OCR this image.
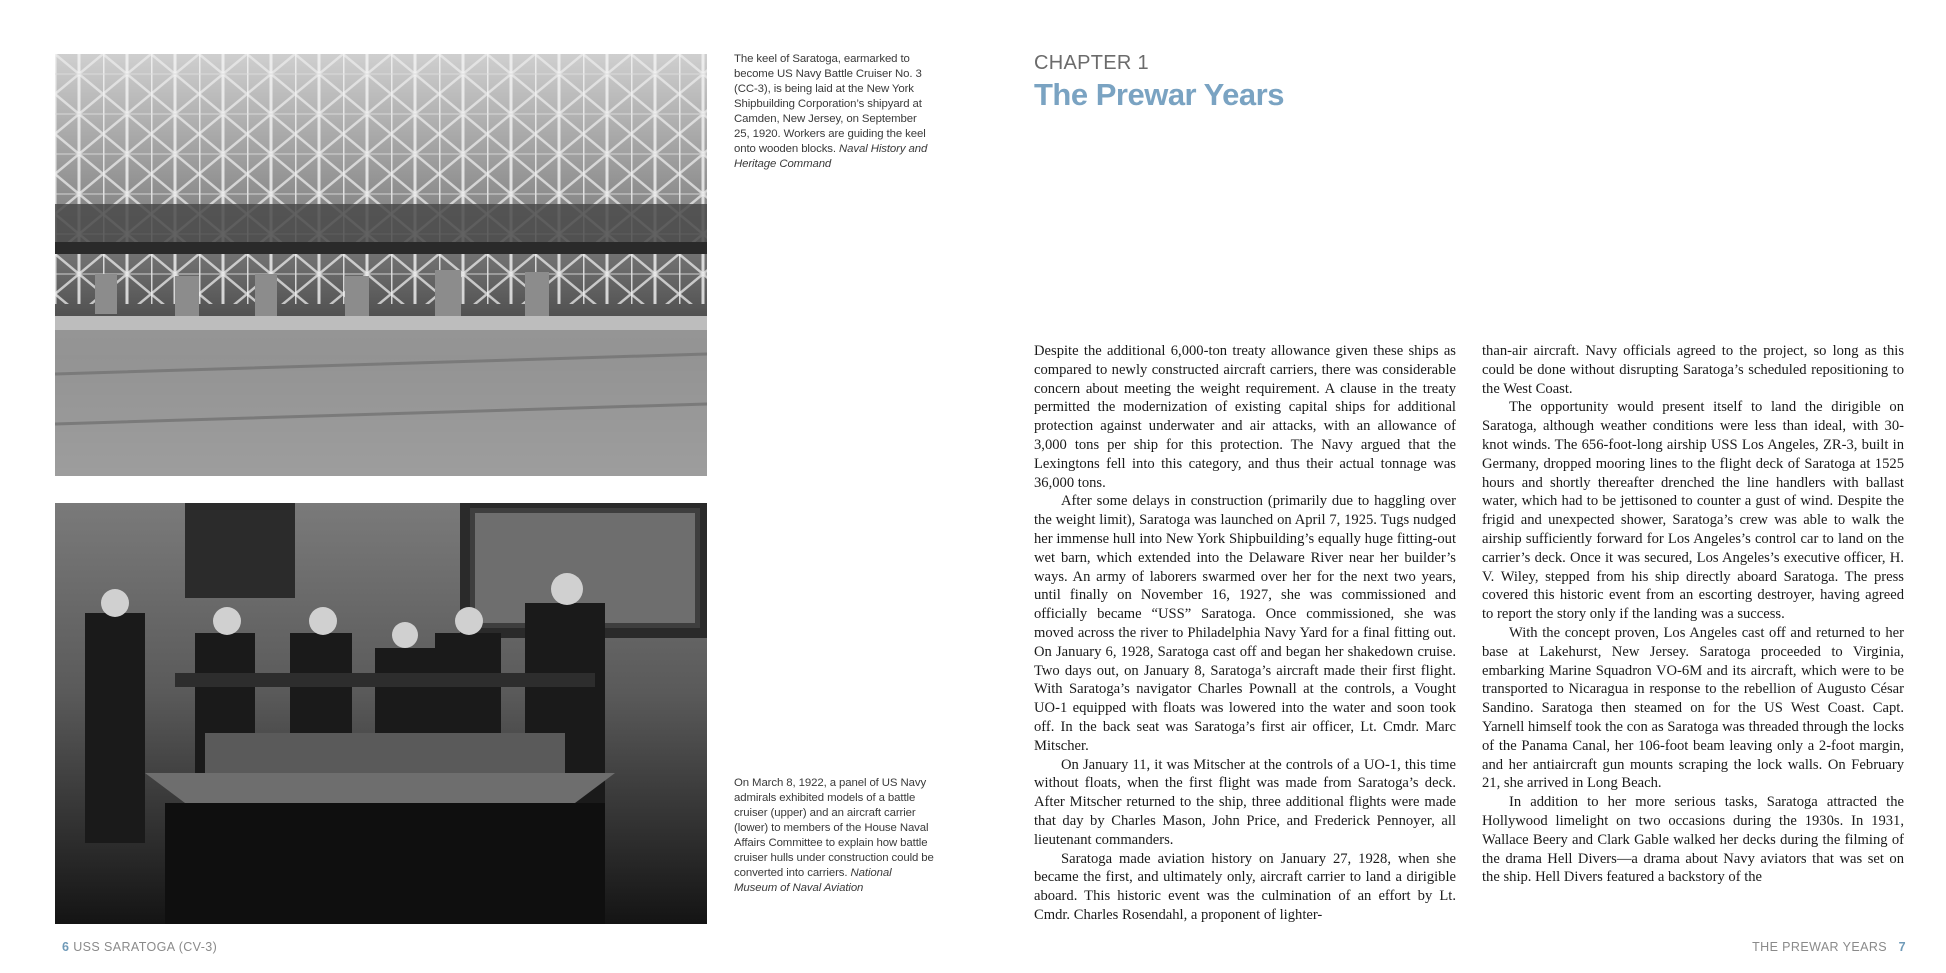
The keel of Saratoga, earmarked to become US Navy Battle Cruiser No. 3 (CC-3), is being laid at the New York Shipbuilding Corporation’s shipyard at Camden, New Jersey, on September 25, 1920. Workers are guiding the keel onto wooden blocks. Naval History and Heritage Command
On March 8, 1922, a panel of US Navy admirals exhibited models of a battle cruiser (upper) and an aircraft carrier (lower) to members of the House Naval Affairs Committee to explain how battle cruiser hulls under construction could be converted into carriers. National Museum of Naval Aviation
6 USS SARATOGA (CV-3)
CHAPTER 1
The Prewar Years

Despite the additional 6,000-ton treaty allowance given these ships as compared to newly constructed aircraft carriers, there was considerable concern about meeting the weight requirement. A clause in the treaty permitted the modernization of existing capital ships for additional protection against underwater and air attacks, with an allowance of 3,000 tons per ship for this protection. The Navy argued that the Lexingtons fell into this category, and thus their actual tonnage was 36,000 tons.

After some delays in construction (primarily due to haggling over the weight limit), Saratoga was launched on April 7, 1925. Tugs nudged her immense hull into New York Shipbuilding’s equally huge fitting-out wet barn, which extended into the Delaware River near her builder’s ways. An army of laborers swarmed over her for the next two years, until finally on November 16, 1927, she was commissioned and officially became “USS” Saratoga. Once commissioned, she was moved across the river to Philadelphia Navy Yard for a final fitting out. On January 6, 1928, Saratoga cast off and began her shakedown cruise. Two days out, on January 8, Saratoga’s aircraft made their first flight. With Saratoga’s navigator Charles Pownall at the controls, a Vought UO-1 equipped with floats was lowered into the water and soon took off. In the back seat was Saratoga’s first air officer, Lt. Cmdr. Marc Mitscher.

On January 11, it was Mitscher at the controls of a UO-1, this time without floats, when the first flight was made from Saratoga’s deck. After Mitscher returned to the ship, three additional flights were made that day by Charles Mason, John Price, and Frederick Pennoyer, all lieutenant commanders.

Saratoga made aviation history on January 27, 1928, when she became the first, and ultimately only, aircraft carrier to land a dirigible aboard. This historic event was the culmination of an effort by Lt. Cmdr. Charles Rosendahl, a proponent of lighter-

than-air aircraft. Navy officials agreed to the project, so long as this could be done without disrupting Saratoga’s scheduled repositioning to the West Coast.

The opportunity would present itself to land the dirigible on Saratoga, although weather conditions were less than ideal, with 30-knot winds. The 656-foot-long airship USS Los Angeles, ZR-3, built in Germany, dropped mooring lines to the flight deck of Saratoga at 1525 hours and shortly thereafter drenched the line handlers with ballast water, which had to be jettisoned to counter a gust of wind. Despite the frigid and unexpected shower, Saratoga’s crew was able to walk the airship sufficiently forward for Los Angeles’s control car to land on the carrier’s deck. Once it was secured, Los Angeles’s executive officer, H. V. Wiley, stepped from his ship directly aboard Saratoga. The press covered this historic event from an escorting destroyer, having agreed to report the story only if the landing was a success.

With the concept proven, Los Angeles cast off and returned to her base at Lakehurst, New Jersey. Saratoga proceeded to Virginia, embarking Marine Squadron VO-6M and its aircraft, which were to be transported to Nicaragua in response to the rebellion of Augusto César Sandino. Saratoga then steamed on for the US West Coast. Capt. Yarnell himself took the con as Saratoga was threaded through the locks of the Panama Canal, her 106-foot beam leaving only a 2-foot margin, and her antiaircraft gun mounts scraping the lock walls. On February 21, she arrived in Long Beach.

In addition to her more serious tasks, Saratoga attracted the Hollywood limelight on two occasions during the 1930s. In 1931, Wallace Beery and Clark Gable walked her decks during the filming of the drama Hell Divers—a drama about Navy aviators that was set on the ship. Hell Divers featured a backstory of the

THE PREWAR YEARS 7
